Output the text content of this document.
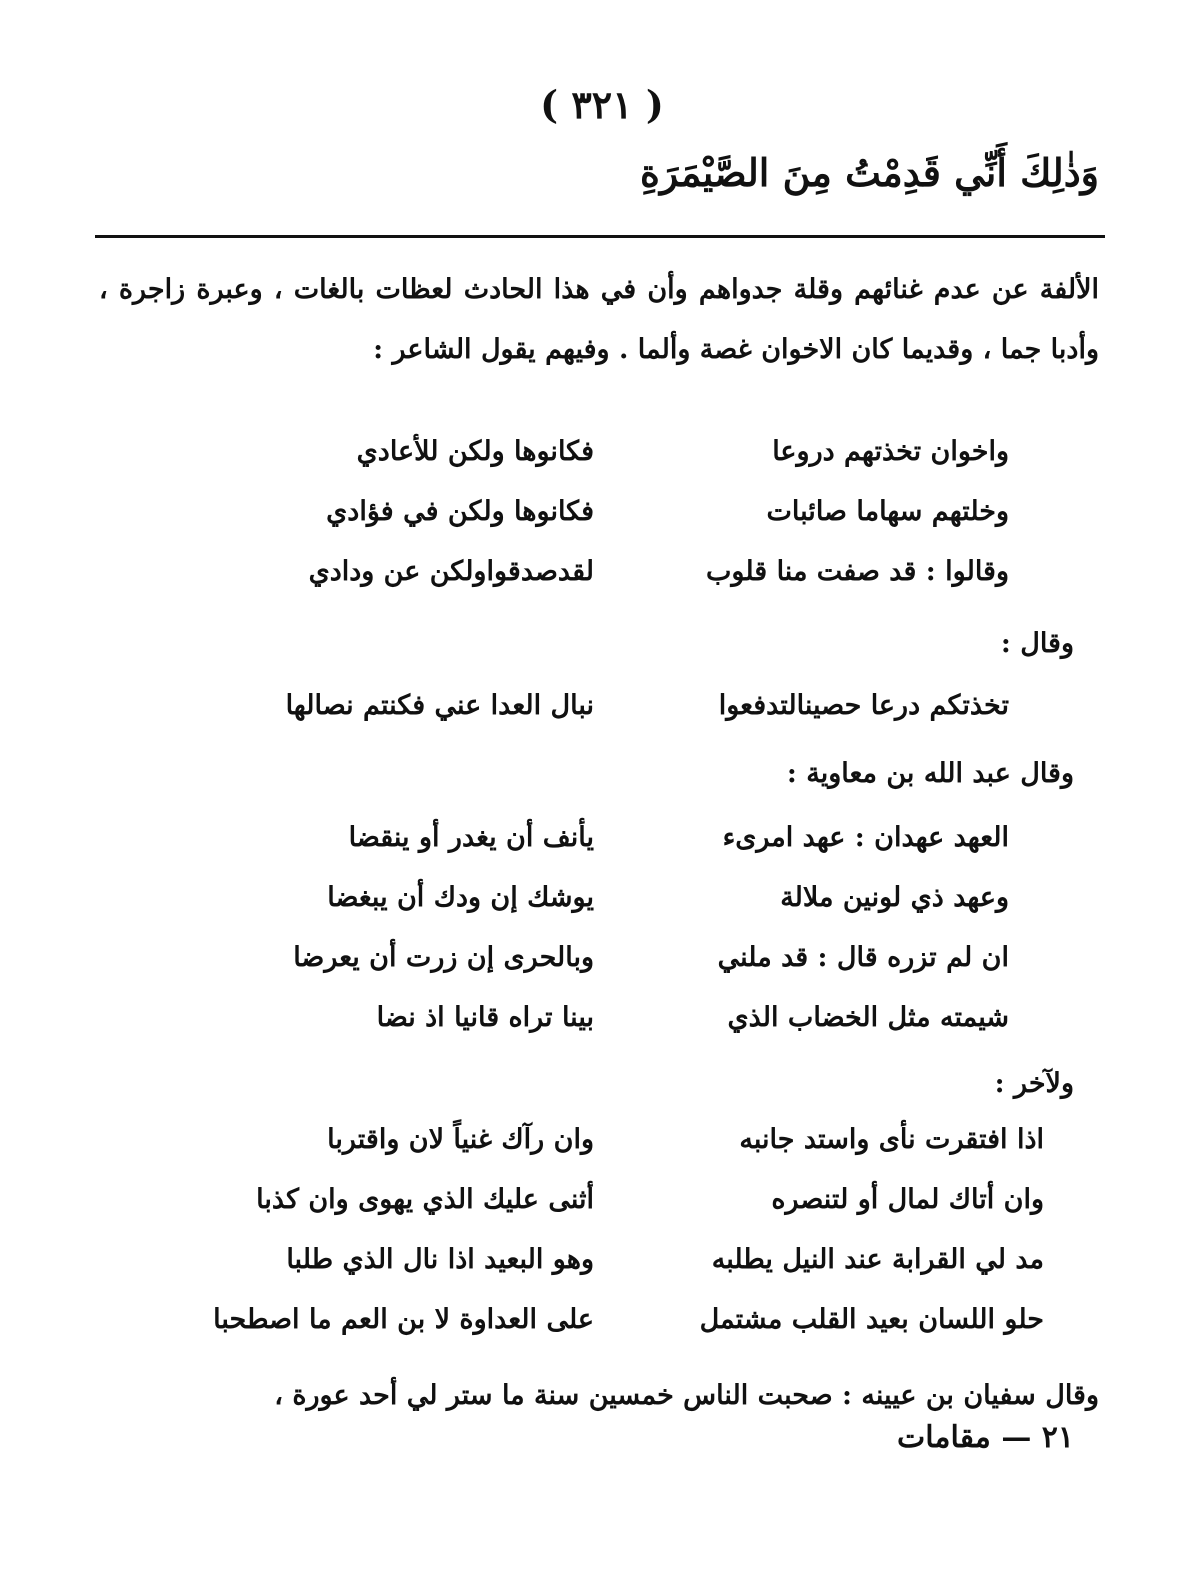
( ٣٢١ )
وَذٰلِكَ أَنِّي قَدِمْتُ مِنَ الصَّيْمَرَةِ

الألفة عن عدم غنائهم وقلة جدواهم وأن في هذا الحادث لعظات بالغات ، وعبرة زاجرة ، وأدبا جما ، وقديما كان الاخوان غصة وألما . وفيهم يقول الشاعر :

واخوان تخذتهم دروعا
فكانوها ولكن للأعادي
وخلتهم سهاما صائبات
فكانوها ولكن في فؤادي
وقالوا : قد صفت منا قلوب
لقدصدقواولكن عن ودادي
وقال :
تخذتكم درعا حصينالتدفعوا
نبال العدا عني فكنتم نصالها
وقال عبد الله بن معاوية :
العهد عهدان : عهد امرىء
يأنف أن يغدر أو ينقضا
وعهد ذي لونين ملالة
يوشك إن ودك أن يبغضا
ان لم تزره قال : قد ملني
وبالحرى إن زرت أن يعرضا
شيمته مثل الخضاب الذي
بينا تراه قانيا اذ نضا
ولآخر :
اذا افتقرت نأى واستد جانبه
وان رآك غنياً لان واقتربا
وان أتاك لمال أو لتنصره
أثنى عليك الذي يهوى وان كذبا
مد لي القرابة عند النيل يطلبه
وهو البعيد اذا نال الذي طلبا
حلو اللسان بعيد القلب مشتمل
على العداوة لا بن العم ما اصطحبا

وقال سفيان بن عيينه : صحبت الناس خمسين سنة ما ستر لي أحد عورة ،

٢١ — مقامات
